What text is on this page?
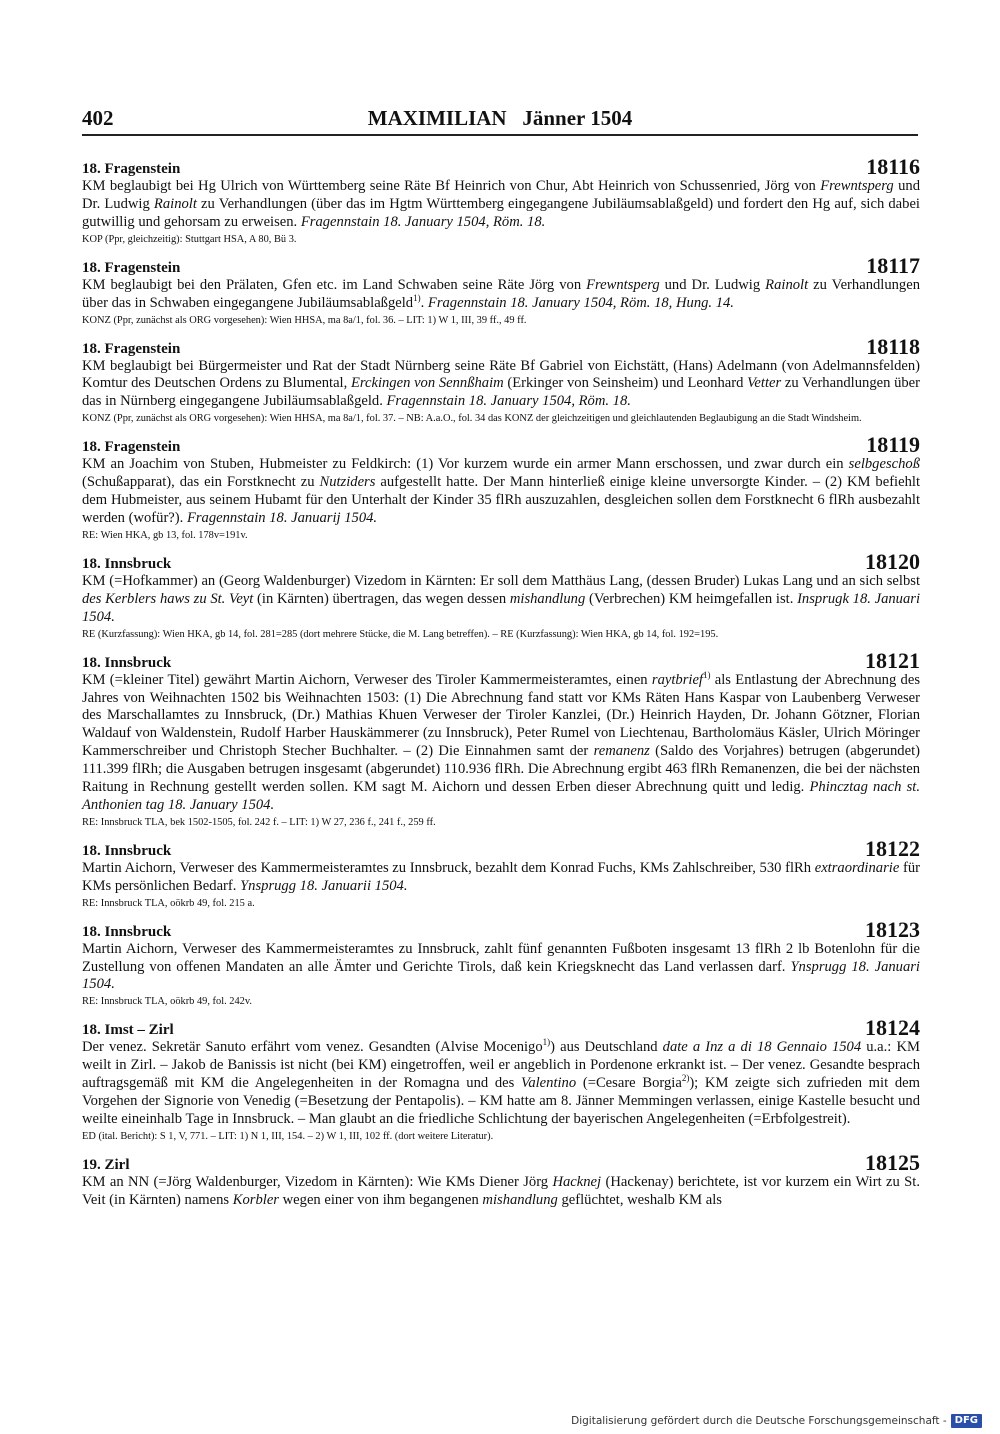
402	MAXIMILIAN   Jänner 1504
18. Fragenstein	18116
KM beglaubigt bei Hg Ulrich von Württemberg seine Räte Bf Heinrich von Chur, Abt Heinrich von Schussenried, Jörg von Frewntsperg und Dr. Ludwig Rainolt zu Verhandlungen (über das im Hgtm Württemberg eingegangene Jubiläumsablaßgeld) und fordert den Hg auf, sich dabei gutwillig und gehorsam zu erweisen. Fragennstain 18. January 1504, Röm. 18.
KOP (Ppr, gleichzeitig): Stuttgart HSA, A 80, Bü 3.
18. Fragenstein	18117
KM beglaubigt bei den Prälaten, Gfen etc. im Land Schwaben seine Räte Jörg von Frewntsperg und Dr. Ludwig Rainolt zu Verhandlungen über das in Schwaben eingegangene Jubiläumsablaßgeld$^{1)}$. Fragennstain 18. January 1504, Röm. 18, Hung. 14.
KONZ (Ppr, zunächst als ORG vorgesehen): Wien HHSA, ma 8a/1, fol. 36. – LIT: 1) W 1, III, 39 ff., 49 ff.
18. Fragenstein	18118
KM beglaubigt bei Bürgermeister und Rat der Stadt Nürnberg seine Räte Bf Gabriel von Eichstätt, (Hans) Adelmann (von Adelmannsfelden) Komtur des Deutschen Ordens zu Blumental, Erckingen von Sennßhaim (Erkinger von Seinsheim) und Leonhard Vetter zu Verhandlungen über das in Nürnberg eingegangene Jubiläumsablaßgeld. Fragennstain 18. January 1504, Röm. 18.
KONZ (Ppr, zunächst als ORG vorgesehen): Wien HHSA, ma 8a/1, fol. 37. – NB: A.a.O., fol. 34 das KONZ der gleichzeitigen und gleichlautenden Beglaubigung an die Stadt Windsheim.
18. Fragenstein	18119
KM an Joachim von Stuben, Hubmeister zu Feldkirch: (1) Vor kurzem wurde ein armer Mann erschossen, und zwar durch ein selbgeschoß (Schußapparat), das ein Forstknecht zu Nutziders aufgestellt hatte. Der Mann hinterließ einige kleine unversorgte Kinder. – (2) KM befiehlt dem Hubmeister, aus seinem Hubamt für den Unterhalt der Kinder 35 flRh auszuzahlen, desgleichen sollen dem Forstknecht 6 flRh ausbezahlt werden (wofür?). Fragennstain 18. Januarij 1504.
RE: Wien HKA, gb 13, fol. 178v=191v.
18. Innsbruck	18120
KM (=Hofkammer) an (Georg Waldenburger) Vizedom in Kärnten: Er soll dem Matthäus Lang, (dessen Bruder) Lukas Lang und an sich selbst des Kerblers haws zu St. Veyt (in Kärnten) übertragen, das wegen dessen mishandlung (Verbrechen) KM heimgefallen ist. Insprugk 18. Januari 1504.
RE (Kurzfassung): Wien HKA, gb 14, fol. 281=285 (dort mehrere Stücke, die M. Lang betreffen). – RE (Kurzfassung): Wien HKA, gb 14, fol. 192=195.
18. Innsbruck	18121
KM (=kleiner Titel) gewährt Martin Aichorn, Verweser des Tiroler Kammermeisteramtes, einen raytbrief$^{1)}$ als Entlastung der Abrechnung des Jahres von Weihnachten 1502 bis Weihnachten 1503: (1) Die Abrechnung fand statt vor KMs Räten Hans Kaspar von Laubenberg Verweser des Marschallamtes zu Innsbruck, (Dr.) Mathias Khuen Verweser der Tiroler Kanzlei, (Dr.) Heinrich Hayden, Dr. Johann Götzner, Florian Waldauf von Waldenstein, Rudolf Harber Hauskämmerer (zu Innsbruck), Peter Rumel von Liechtenau, Bartholomäus Käsler, Ulrich Möringer Kammerschreiber und Christoph Stecher Buchhalter. – (2) Die Einnahmen samt der remanenz (Saldo des Vorjahres) betrugen (abgerundet) 111.399 flRh; die Ausgaben betrugen insgesamt (abgerundet) 110.936 flRh. Die Abrechnung ergibt 463 flRh Remanenzen, die bei der nächsten Raitung in Rechnung gestellt werden sollen. KM sagt M. Aichorn und dessen Erben dieser Abrechnung quitt und ledig. Phincztag nach st. Anthonien tag 18. January 1504.
RE: Innsbruck TLA, bek 1502-1505, fol. 242 f. – LIT: 1) W 27, 236 f., 241 f., 259 ff.
18. Innsbruck	18122
Martin Aichorn, Verweser des Kammermeisteramtes zu Innsbruck, bezahlt dem Konrad Fuchs, KMs Zahlschreiber, 530 flRh extraordinarie für KMs persönlichen Bedarf. Ynsprugg 18. Januarii 1504.
RE: Innsbruck TLA, oökrb 49, fol. 215 a.
18. Innsbruck	18123
Martin Aichorn, Verweser des Kammermeisteramtes zu Innsbruck, zahlt fünf genannten Fußboten insgesamt 13 flRh 2 lb Botenlohn für die Zustellung von offenen Mandaten an alle Ämter und Gerichte Tirols, daß kein Kriegsknecht das Land verlassen darf. Ynsprugg 18. Januari 1504.
RE: Innsbruck TLA, oökrb 49, fol. 242v.
18. Imst – Zirl	18124
Der venez. Sekretär Sanuto erfährt vom venez. Gesandten (Alvise Mocenigo$^{1)}$) aus Deutschland date a Inz a di 18 Gennaio 1504 u.a.: KM weilt in Zirl. – Jakob de Banissis ist nicht (bei KM) eingetroffen, weil er angeblich in Pordenone erkrankt ist. – Der venez. Gesandte besprach auftragsgemäß mit KM die Angelegenheiten in der Romagna und des Valentino (=Cesare Borgia$^{2)}$); KM zeigte sich zufrieden mit dem Vorgehen der Signorie von Venedig (=Besetzung der Pentapolis). – KM hatte am 8. Jänner Memmingen verlassen, einige Kastelle besucht und weilte eineinhalb Tage in Innsbruck. – Man glaubt an die friedliche Schlichtung der bayerischen Angelegenheiten (=Erbfolgestreit).
ED (ital. Bericht): S 1, V, 771. – LIT: 1) N 1, III, 154. – 2) W 1, III, 102 ff. (dort weitere Literatur).
19. Zirl	18125
KM an NN (=Jörg Waldenburger, Vizedom in Kärnten): Wie KMs Diener Jörg Hacknej (Hackenay) berichtete, ist vor kurzem ein Wirt zu St. Veit (in Kärnten) namens Korbler wegen einer von ihm begangenen mishandlung geflüchtet, weshalb KM als
Digitalisierung gefördert durch die Deutsche Forschungsgemeinschaft - DFG
